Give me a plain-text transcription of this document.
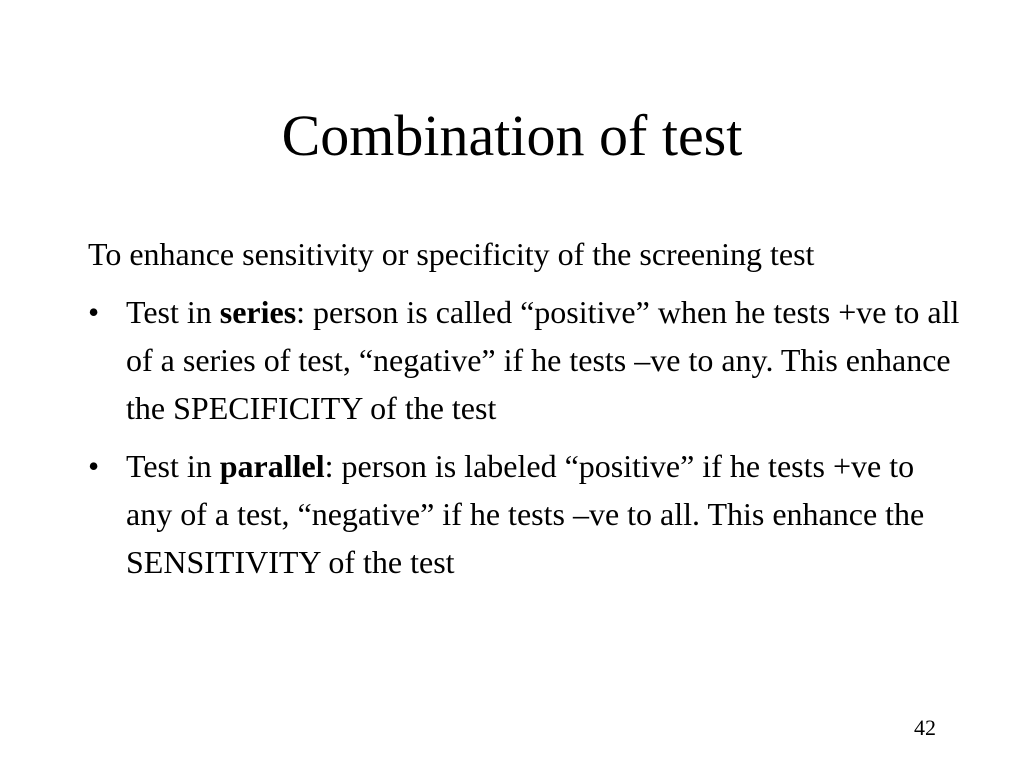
Combination of test

To enhance sensitivity or specificity of the screening test

• Test in series: person is called “positive” when he tests +ve to all of a series of test, “negative” if he tests –ve to any. This enhance the SPECIFICITY of the test
• Test in parallel: person is labeled “positive” if he tests +ve to any of a test, “negative” if he tests –ve to all. This enhance the SENSITIVITY of the test
42
